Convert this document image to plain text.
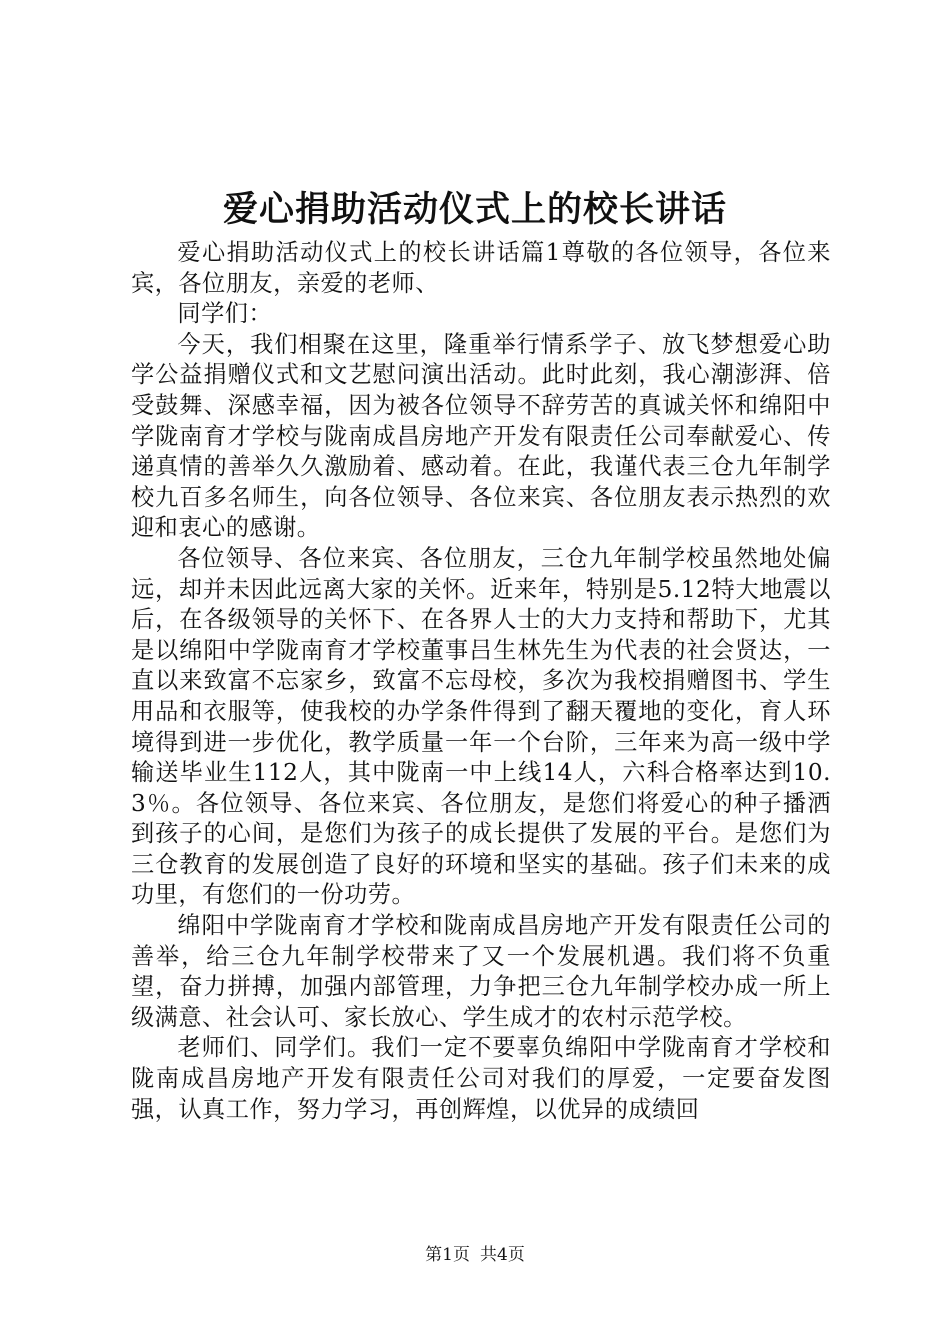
爱心捐助活动仪式上的校长讲话

爱心捐助活动仪式上的校长讲话篇1尊敬的各位领导，各位来宾，各位朋友，亲爱的老师、

同学们：

今天，我们相聚在这里，隆重举行情系学子、放飞梦想爱心助学公益捐赠仪式和文艺慰问演出活动。此时此刻，我心潮澎湃、倍受鼓舞、深感幸福，因为被各位领导不辞劳苦的真诚关怀和绵阳中学陇南育才学校与陇南成昌房地产开发有限责任公司奉献爱心、传递真情的善举久久激励着、感动着。在此，我谨代表三仓九年制学校九百多名师生，向各位领导、各位来宾、各位朋友表示热烈的欢迎和衷心的感谢。

各位领导、各位来宾、各位朋友，三仓九年制学校虽然地处偏远，却并未因此远离大家的关怀。近来年，特别是5.12特大地震以后，在各级领导的关怀下、在各界人士的大力支持和帮助下，尤其是以绵阳中学陇南育才学校董事吕生林先生为代表的社会贤达，一直以来致富不忘家乡，致富不忘母校，多次为我校捐赠图书、学生用品和衣服等，使我校的办学条件得到了翻天覆地的变化，育人环境得到进一步优化，教学质量一年一个台阶，三年来为高一级中学输送毕业生112人，其中陇南一中上线14人，六科合格率达到10.3％。各位领导、各位来宾、各位朋友，是您们将爱心的种子播洒到孩子的心间，是您们为孩子的成长提供了发展的平台。是您们为三仓教育的发展创造了良好的环境和坚实的基础。孩子们未来的成功里，有您们的一份功劳。

绵阳中学陇南育才学校和陇南成昌房地产开发有限责任公司的善举，给三仓九年制学校带来了又一个发展机遇。我们将不负重望，奋力拼搏，加强内部管理，力争把三仓九年制学校办成一所上级满意、社会认可、家长放心、学生成才的农村示范学校。

老师们、同学们。我们一定不要辜负绵阳中学陇南育才学校和陇南成昌房地产开发有限责任公司对我们的厚爱，一定要奋发图强，认真工作，努力学习，再创辉煌，以优异的成绩回

第1页 共4页
